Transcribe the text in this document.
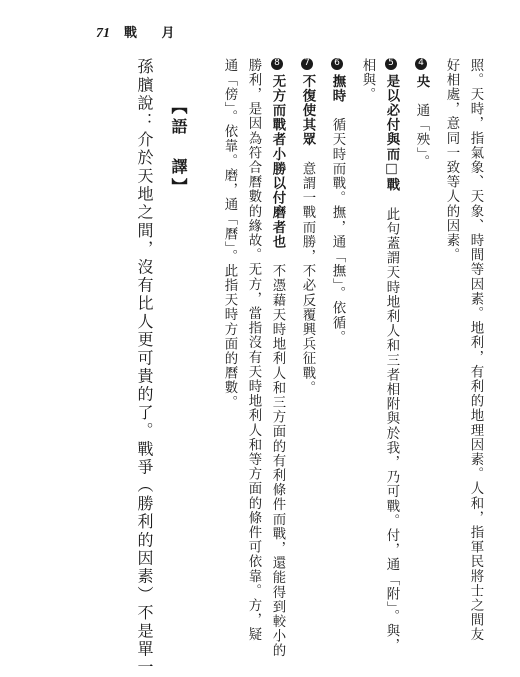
71 戰 月
照。天時，指氣象、天象、時間等因素。地利，有利的地理因素。人和，指軍民將士之間友
好相處，意同一致等人的因素。
4央　通「殃」。
5是以必付與而□戰　此句蓋謂天時地利人和三者相附與於我，乃可戰。付，通「附」。與，
相與。
6撫時　循天時而戰。撫，通「撫」。依循。
7不復使其眾　意謂一戰而勝，不必反覆興兵征戰。
8无方而戰者小勝以付磨者也　不憑藉天時地利人和三方面的有利條件而戰，還能得到較小的
勝利，是因為符合曆數的緣故。无方，當指沒有天時地利人和等方面的條件可依靠。方，疑
通「傍」。依靠。磨，通「曆」。此指天時方面的曆數。
【語　譯】
孫臏說：介於天地之間，沒有比人更可貴的了。戰爭（勝利的因素）不是單一
